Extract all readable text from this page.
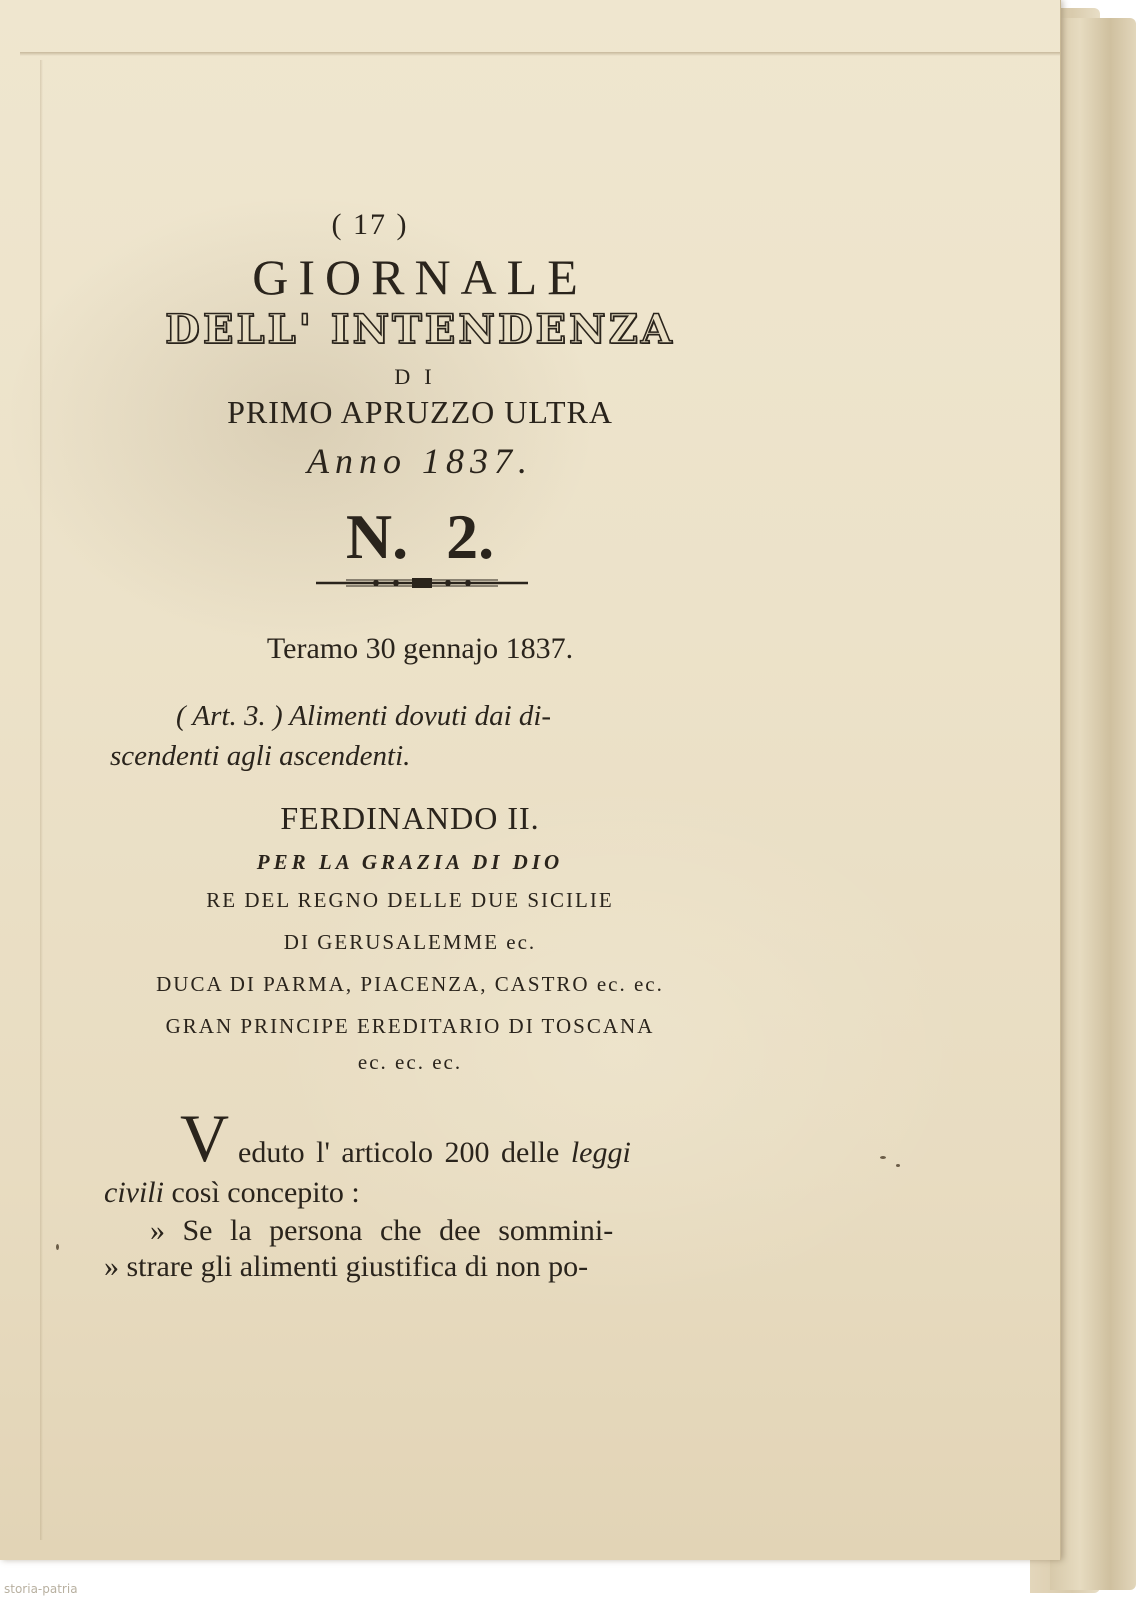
( 17 )
GIORNALE
DELL' INTENDENZA
DI
PRIMO APRUZZO ULTRA
Anno 1837.
N. 2.
Teramo 30 gennajo 1837.
( Art. 3. ) Alimenti dovuti dai di-
scendenti agli ascendenti.
FERDINANDO II.
PER LA GRAZIA DI DIO
RE DEL REGNO DELLE DUE SICILIE
DI GERUSALEMME ec.
DUCA DI PARMA, PIACENZA, CASTRO ec. ec.
GRAN PRINCIPE EREDITARIO DI TOSCANA
ec. ec. ec.
V eduto l' articolo 200 delle leggi
civili così concepito :
» Se la persona che dee sommini-
» strare gli alimenti giustifica di non po-
storia-patria
